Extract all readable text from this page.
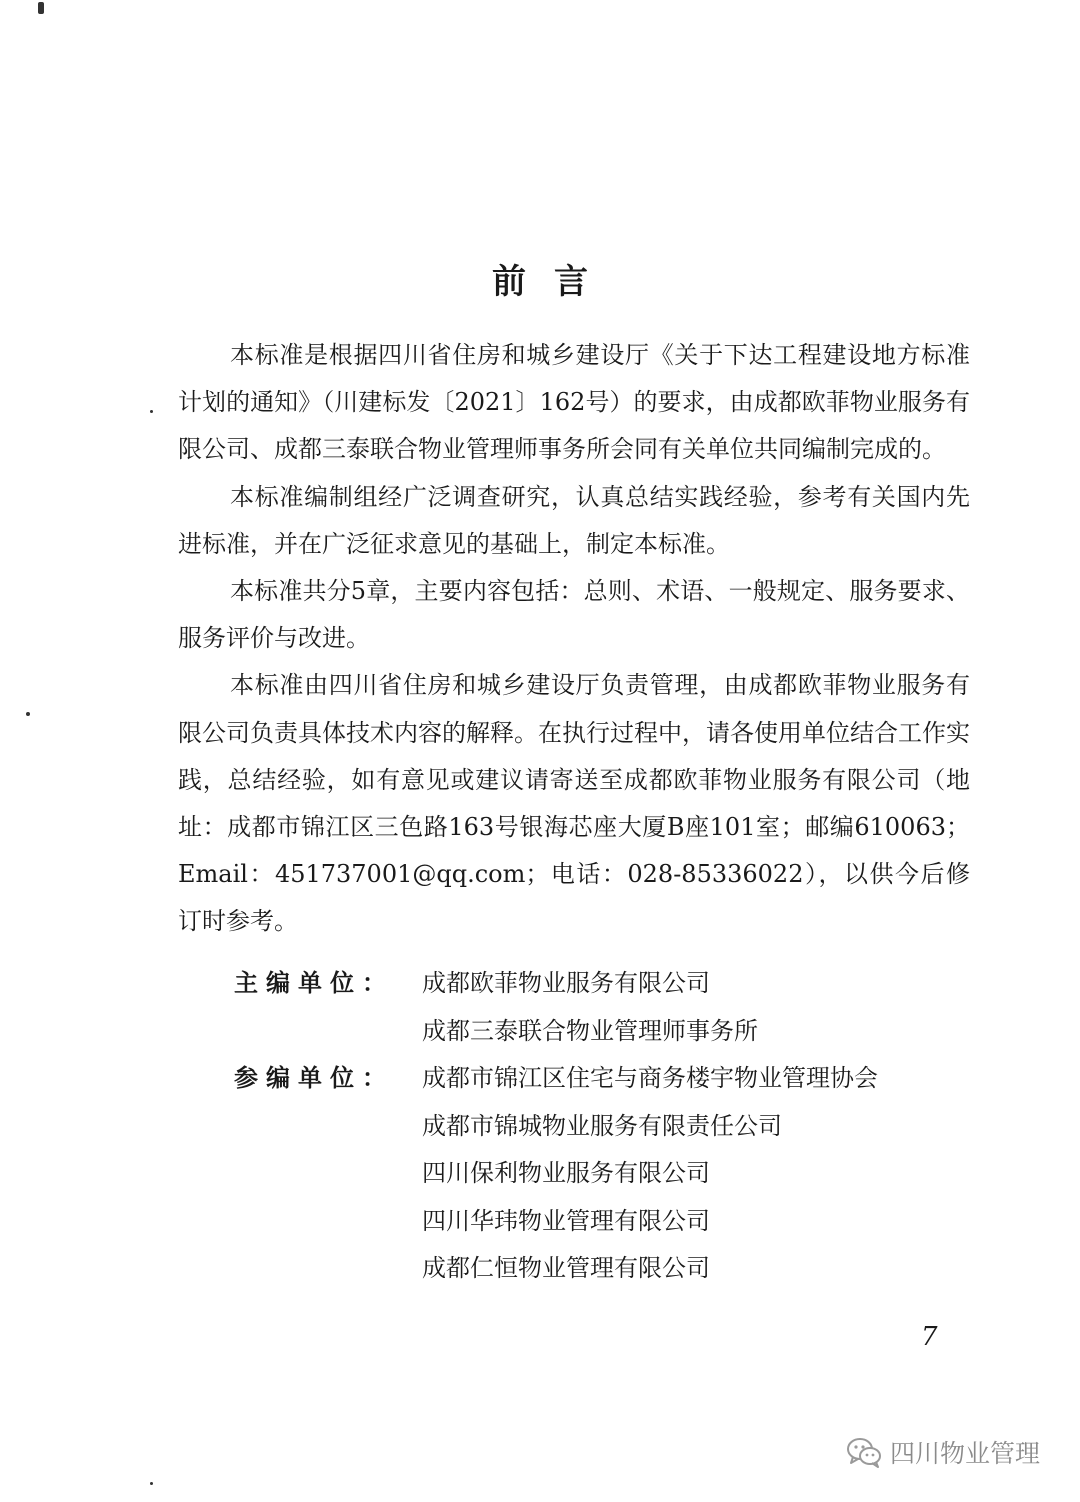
前言

本标准是根据四川省住房和城乡建设厅《关于下达工程建设地方标准计划的通知》（川建标发〔2021〕162号）的要求，由成都欧菲物业服务有限公司、成都三泰联合物业管理师事务所会同有关单位共同编制完成的。

本标准编制组经广泛调查研究，认真总结实践经验，参考有关国内先进标准，并在广泛征求意见的基础上，制定本标准。

本标准共分5章，主要内容包括：总则、术语、一般规定、服务要求、服务评价与改进。

本标准由四川省住房和城乡建设厅负责管理，由成都欧菲物业服务有限公司负责具体技术内容的解释。在执行过程中，请各使用单位结合工作实践，总结经验，如有意见或建议请寄送至成都欧菲物业服务有限公司（地址：成都市锦江区三色路163号银海芯座大厦B座101室；邮编610063；Email：451737001@qq.com；电话：028-85336022），以供今后修订时参考。

主编单位：	成都欧菲物业服务有限公司
成都三泰联合物业管理师事务所
参编单位：	成都市锦江区住宅与商务楼宇物业管理协会
成都市锦城物业服务有限责任公司
四川保利物业服务有限公司
四川华玮物业管理有限公司
成都仁恒物业管理有限公司
7
四川物业管理
